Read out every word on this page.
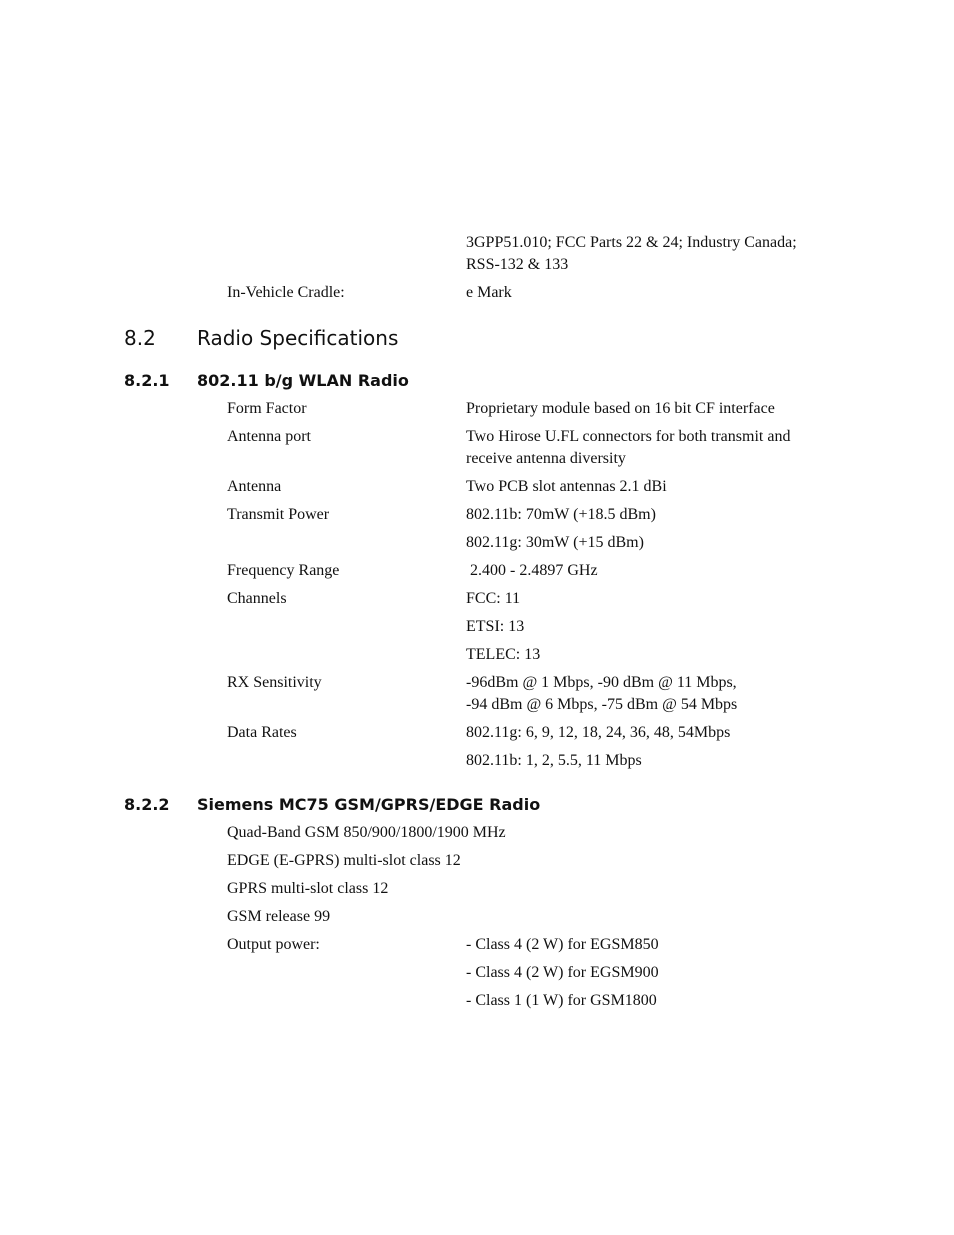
3GPP51.010; FCC Parts 22 & 24; Industry Canada;
RSS-132 & 133
In-Vehicle Cradle:	e Mark
8.2 Radio Specifications
8.2.1 802.11 b/g WLAN Radio
Form Factor	Proprietary module based on 16 bit CF interface
Antenna port	Two Hirose U.FL connectors for both transmit and
receive antenna diversity
Antenna	Two PCB slot antennas 2.1 dBi
Transmit Power	802.11b: 70mW (+18.5 dBm)
802.11g: 30mW (+15 dBm)
Frequency Range	2.400 - 2.4897 GHz
Channels	FCC: 11
ETSI: 13
TELEC: 13
RX Sensitivity	-96dBm @ 1 Mbps, -90 dBm @ 11 Mbps,
-94 dBm @ 6 Mbps, -75 dBm @ 54 Mbps
Data Rates	802.11g: 6, 9, 12, 18, 24, 36, 48, 54Mbps
802.11b: 1, 2, 5.5, 11 Mbps
8.2.2 Siemens MC75 GSM/GPRS/EDGE Radio
Quad-Band GSM 850/900/1800/1900 MHz
EDGE (E-GPRS) multi-slot class 12
GPRS multi-slot class 12
GSM release 99
Output power:	- Class 4 (2 W) for EGSM850
- Class 4 (2 W) for EGSM900
- Class 1 (1 W) for GSM1800
